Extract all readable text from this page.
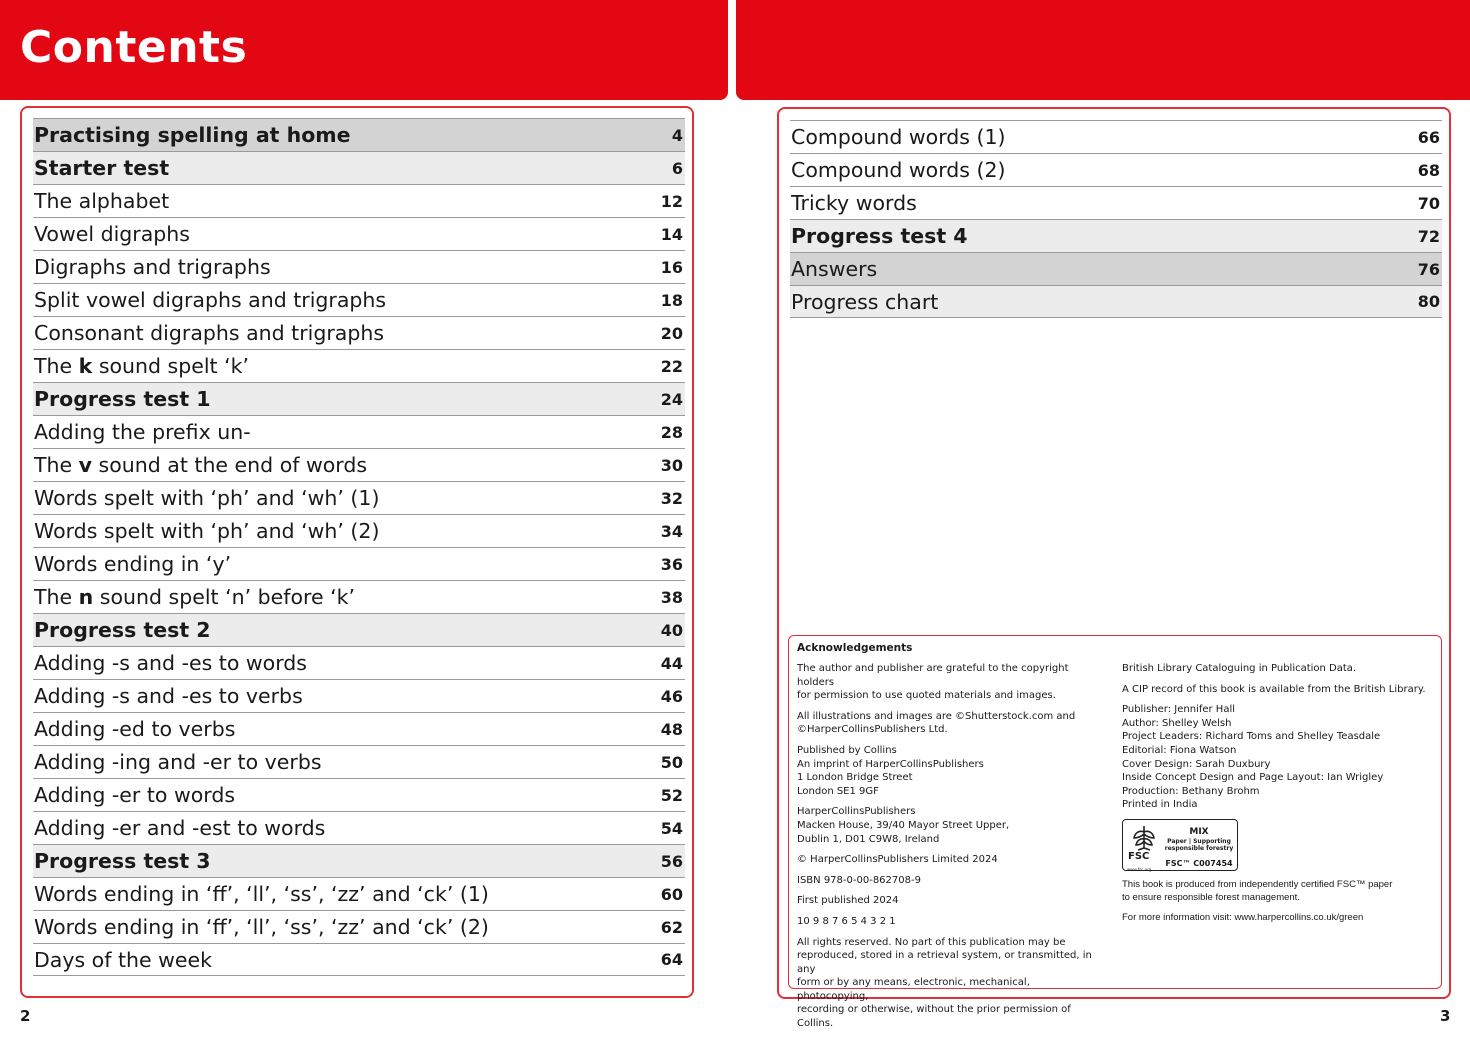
Contents
Practising spelling at home	4
Starter test	6
The alphabet	12
Vowel digraphs	14
Digraphs and trigraphs	16
Split vowel digraphs and trigraphs	18
Consonant digraphs and trigraphs	20
The k sound spelt ‘k’	22
Progress test 1	24
Adding the prefix un-	28
The v sound at the end of words	30
Words spelt with ‘ph’ and ‘wh’ (1)	32
Words spelt with ‘ph’ and ‘wh’ (2)	34
Words ending in ‘y’	36
The n sound spelt ‘n’ before ‘k’	38
Progress test 2	40
Adding -s and -es to words	44
Adding -s and -es to verbs	46
Adding -ed to verbs	48
Adding -ing and -er to verbs	50
Adding -er to words	52
Adding -er and -est to words	54
Progress test 3	56
Words ending in ‘ff’, ‘ll’, ‘ss’, ‘zz’ and ‘ck’ (1)	60
Words ending in ‘ff’, ‘ll’, ‘ss’, ‘zz’ and ‘ck’ (2)	62
Days of the week	64
Compound words (1)	66
Compound words (2)	68
Tricky words	70
Progress test 4	72
Answers	76
Progress chart	80
Acknowledgements
The author and publisher are grateful to the copyright holders
for permission to use quoted materials and images.
All illustrations and images are ©Shutterstock.com and
©HarperCollinsPublishers Ltd.
Published by Collins
An imprint of HarperCollinsPublishers
1 London Bridge Street
London SE1 9GF
HarperCollinsPublishers
Macken House, 39/40 Mayor Street Upper,
Dublin 1, D01 C9W8, Ireland
© HarperCollinsPublishers Limited 2024
ISBN 978-0-00-862708-9
First published 2024
10 9 8 7 6 5 4 3 2 1
All rights reserved. No part of this publication may be
reproduced, stored in a retrieval system, or transmitted, in any
form or by any means, electronic, mechanical, photocopying,
recording or otherwise, without the prior permission of Collins.
British Library Cataloguing in Publication Data.
A CIP record of this book is available from the British Library.
Publisher: Jennifer Hall
Author: Shelley Welsh
Project Leaders: Richard Toms and Shelley Teasdale
Editorial: Fiona Watson
Cover Design: Sarah Duxbury
Inside Concept Design and Page Layout: Ian Wrigley
Production: Bethany Brohm
Printed in India
FSC
www.fsc.org
MIX
Paper | Supporting
responsible forestry
FSC™ C007454
This book is produced from independently certified FSC™ paper
to ensure responsible forest management.
For more information visit: www.harpercollins.co.uk/green
2	3
